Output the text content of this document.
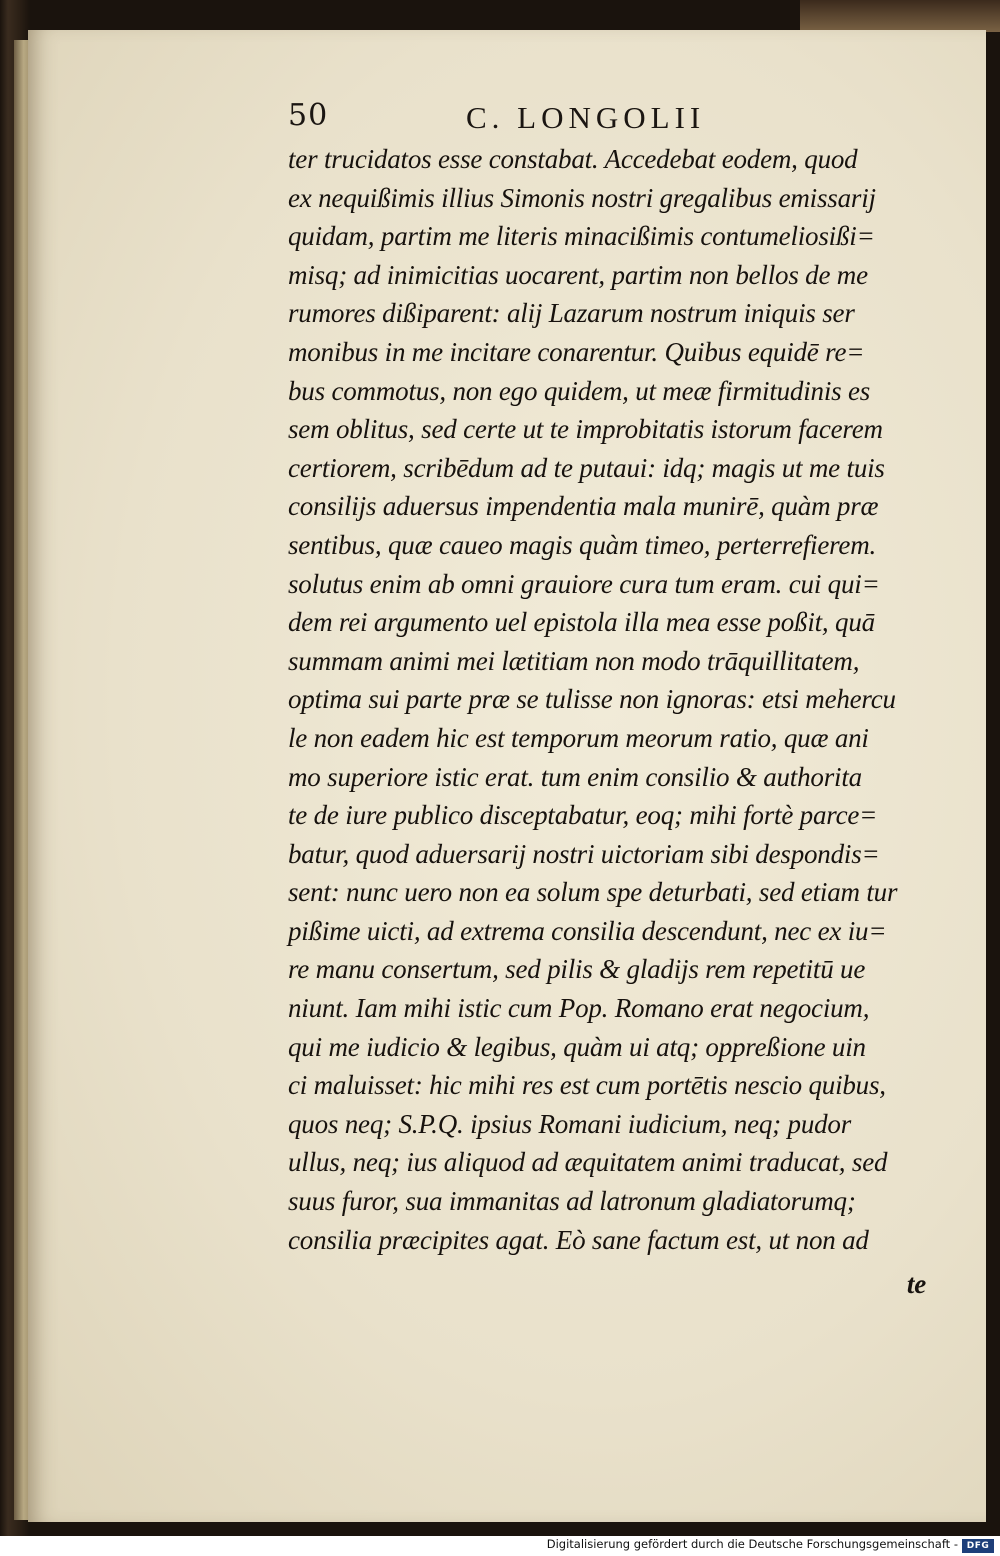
50	C. LONGOLII
ter trucidatos esse constabat. Accedebat eodem, quod
ex nequißimis illius Simonis nostri gregalibus emissarij
quidam, partim me literis minacißimis contumeliosißi=
misq; ad inimicitias uocarent, partim non bellos de me
rumores dißiparent: alij Lazarum nostrum iniquis ser
monibus in me incitare conarentur. Quibus equidē re=
bus commotus, non ego quidem, ut meæ firmitudinis es
sem oblitus, sed certe ut te improbitatis istorum facerem
certiorem, scribēdum ad te putaui: idq; magis ut me tuis
consilijs aduersus impendentia mala munirē, quàm præ
sentibus, quæ caueo magis quàm timeo, perterrefierem.
solutus enim ab omni grauiore cura tum eram. cui qui=
dem rei argumento uel epistola illa mea esse poßit, quā
summam animi mei lætitiam non modo trāquillitatem,
optima sui parte præ se tulisse non ignoras: etsi mehercu
le non eadem hic est temporum meorum ratio, quæ ani
mo superiore istic erat. tum enim consilio & authorita
te de iure publico disceptabatur, eoq; mihi fortè parce=
batur, quod aduersarij nostri uictoriam sibi despondis=
sent: nunc uero non ea solum spe deturbati, sed etiam tur
pißime uicti, ad extrema consilia descendunt, nec ex iu=
re manu consertum, sed pilis & gladijs rem repetitū ue
niunt. Iam mihi istic cum Pop. Romano erat negocium,
qui me iudicio & legibus, quàm ui atq; oppreßione uin
ci maluisset: hic mihi res est cum portētis nescio quibus,
quos neq; S.P.Q. ipsius Romani iudicium, neq; pudor
ullus, neq; ius aliquod ad æquitatem animi traducat, sed
suus furor, sua immanitas ad latronum gladiatorumq;
consilia præcipites agat. Eò sane factum est, ut non ad
te
Digitalisierung gefördert durch die Deutsche Forschungsgemeinschaft - DFG
